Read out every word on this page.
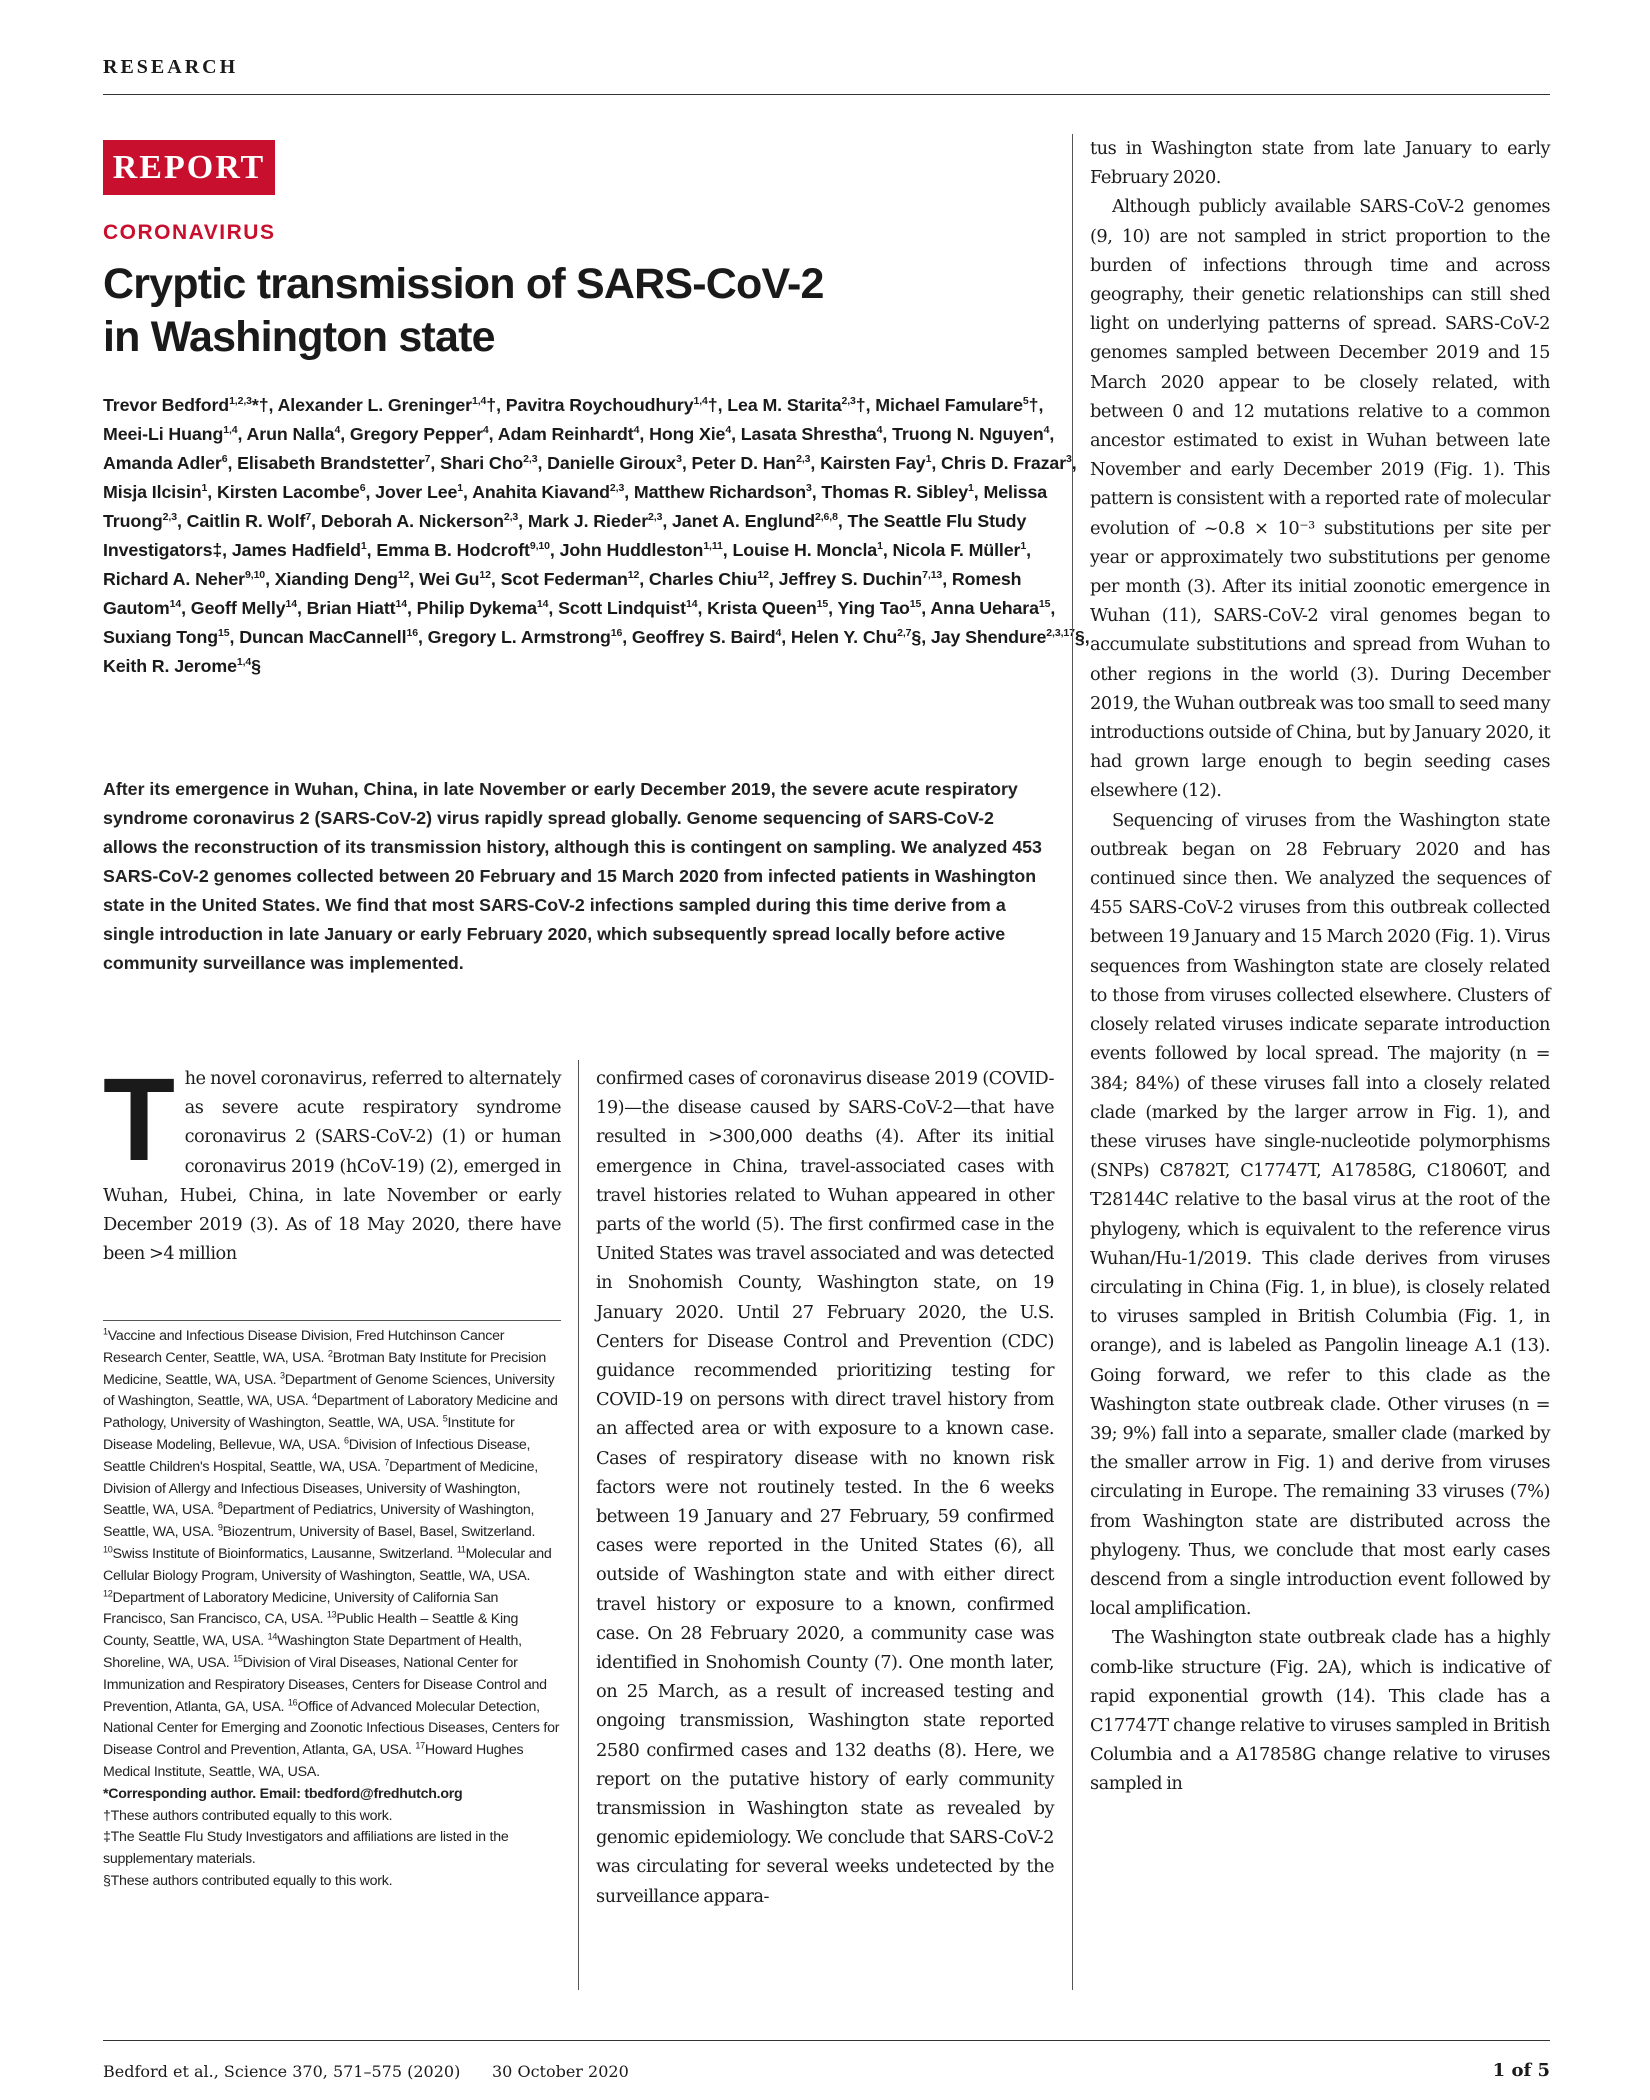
RESEARCH
REPORT
CORONAVIRUS
Cryptic transmission of SARS-CoV-2 in Washington state
Trevor Bedford$^{1,2,3}$*†, Alexander L. Greninger$^{1,4}$†, Pavitra Roychoudhury$^{1,4}$†, Lea M. Starita$^{2,3}$†, Michael Famulare$^5$†, Meei-Li Huang$^{1,4}$, Arun Nalla$^4$, Gregory Pepper$^4$, Adam Reinhardt$^4$, Hong Xie$^4$, Lasata Shrestha$^4$, Truong N. Nguyen$^4$, Amanda Adler$^6$, Elisabeth Brandstetter$^7$, Shari Cho$^{2,3}$, Danielle Giroux$^3$, Peter D. Han$^{2,3}$, Kairsten Fay$^1$, Chris D. Frazar$^3$, Misja Ilcisin$^1$, Kirsten Lacombe$^6$, Jover Lee$^1$, Anahita Kiavand$^{2,3}$, Matthew Richardson$^3$, Thomas R. Sibley$^1$, Melissa Truong$^{2,3}$, Caitlin R. Wolf$^7$, Deborah A. Nickerson$^{2,3}$, Mark J. Rieder$^{2,3}$, Janet A. Englund$^{2,6,8}$, The Seattle Flu Study Investigators‡, James Hadfield$^1$, Emma B. Hodcroft$^{9,10}$, John Huddleston$^{1,11}$, Louise H. Moncla$^1$, Nicola F. Müller$^1$, Richard A. Neher$^{9,10}$, Xianding Deng$^{12}$, Wei Gu$^{12}$, Scot Federman$^{12}$, Charles Chiu$^{12}$, Jeffrey S. Duchin$^{7,13}$, Romesh Gautom$^{14}$, Geoff Melly$^{14}$, Brian Hiatt$^{14}$, Philip Dykema$^{14}$, Scott Lindquist$^{14}$, Krista Queen$^{15}$, Ying Tao$^{15}$, Anna Uehara$^{15}$, Suxiang Tong$^{15}$, Duncan MacCannell$^{16}$, Gregory L. Armstrong$^{16}$, Geoffrey S. Baird$^4$, Helen Y. Chu$^{2,7}$§, Jay Shendure$^{2,3,17}$§, Keith R. Jerome$^{1,4}$§
After its emergence in Wuhan, China, in late November or early December 2019, the severe acute respiratory syndrome coronavirus 2 (SARS-CoV-2) virus rapidly spread globally. Genome sequencing of SARS-CoV-2 allows the reconstruction of its transmission history, although this is contingent on sampling. We analyzed 453 SARS-CoV-2 genomes collected between 20 February and 15 March 2020 from infected patients in Washington state in the United States. We find that most SARS-CoV-2 infections sampled during this time derive from a single introduction in late January or early February 2020, which subsequently spread locally before active community surveillance was implemented.

The novel coronavirus, referred to alternately as severe acute respiratory syndrome coronavirus 2 (SARS-CoV-2) (1) or human coronavirus 2019 (hCoV-19) (2), emerged in Wuhan, Hubei, China, in late November or early December 2019 (3). As of 18 May 2020, there have been >4 million

$^1$Vaccine and Infectious Disease Division, Fred Hutchinson Cancer Research Center, Seattle, WA, USA. $^2$Brotman Baty Institute for Precision Medicine, Seattle, WA, USA. $^3$Department of Genome Sciences, University of Washington, Seattle, WA, USA. $^4$Department of Laboratory Medicine and Pathology, University of Washington, Seattle, WA, USA. $^5$Institute for Disease Modeling, Bellevue, WA, USA. $^6$Division of Infectious Disease, Seattle Children's Hospital, Seattle, WA, USA. $^7$Department of Medicine, Division of Allergy and Infectious Diseases, University of Washington, Seattle, WA, USA. $^8$Department of Pediatrics, University of Washington, Seattle, WA, USA. $^9$Biozentrum, University of Basel, Basel, Switzerland. $^{10}$Swiss Institute of Bioinformatics, Lausanne, Switzerland. $^{11}$Molecular and Cellular Biology Program, University of Washington, Seattle, WA, USA. $^{12}$Department of Laboratory Medicine, University of California San Francisco, San Francisco, CA, USA. $^{13}$Public Health – Seattle & King County, Seattle, WA, USA. $^{14}$Washington State Department of Health, Shoreline, WA, USA. $^{15}$Division of Viral Diseases, National Center for Immunization and Respiratory Diseases, Centers for Disease Control and Prevention, Atlanta, GA, USA. $^{16}$Office of Advanced Molecular Detection, National Center for Emerging and Zoonotic Infectious Diseases, Centers for Disease Control and Prevention, Atlanta, GA, USA. $^{17}$Howard Hughes Medical Institute, Seattle, WA, USA.

*Corresponding author. Email: tbedford@fredhutch.org

†These authors contributed equally to this work.

‡The Seattle Flu Study Investigators and affiliations are listed in the supplementary materials.

§These authors contributed equally to this work.

confirmed cases of coronavirus disease 2019 (COVID-19)—the disease caused by SARS-CoV-2—that have resulted in >300,000 deaths (4). After its initial emergence in China, travel-associated cases with travel histories related to Wuhan appeared in other parts of the world (5). The first confirmed case in the United States was travel associated and was detected in Snohomish County, Washington state, on 19 January 2020. Until 27 February 2020, the U.S. Centers for Disease Control and Prevention (CDC) guidance recommended prioritizing testing for COVID-19 on persons with direct travel history from an affected area or with exposure to a known case. Cases of respiratory disease with no known risk factors were not routinely tested. In the 6 weeks between 19 January and 27 February, 59 confirmed cases were reported in the United States (6), all outside of Washington state and with either direct travel history or exposure to a known, confirmed case. On 28 February 2020, a community case was identified in Snohomish County (7). One month later, on 25 March, as a result of increased testing and ongoing transmission, Washington state reported 2580 confirmed cases and 132 deaths (8). Here, we report on the putative history of early community transmission in Washington state as revealed by genomic epidemiology. We conclude that SARS-CoV-2 was circulating for several weeks undetected by the surveillance appara-

tus in Washington state from late January to early February 2020.

Although publicly available SARS-CoV-2 genomes (9, 10) are not sampled in strict proportion to the burden of infections through time and across geography, their genetic relationships can still shed light on underlying patterns of spread. SARS-CoV-2 genomes sampled between December 2019 and 15 March 2020 appear to be closely related, with between 0 and 12 mutations relative to a common ancestor estimated to exist in Wuhan between late November and early December 2019 (Fig. 1). This pattern is consistent with a reported rate of molecular evolution of ~0.8 × 10⁻³ substitutions per site per year or approximately two substitutions per genome per month (3). After its initial zoonotic emergence in Wuhan (11), SARS-CoV-2 viral genomes began to accumulate substitutions and spread from Wuhan to other regions in the world (3). During December 2019, the Wuhan outbreak was too small to seed many introductions outside of China, but by January 2020, it had grown large enough to begin seeding cases elsewhere (12).

Sequencing of viruses from the Washington state outbreak began on 28 February 2020 and has continued since then. We analyzed the sequences of 455 SARS-CoV-2 viruses from this outbreak collected between 19 January and 15 March 2020 (Fig. 1). Virus sequences from Washington state are closely related to those from viruses collected elsewhere. Clusters of closely related viruses indicate separate introduction events followed by local spread. The majority (n = 384; 84%) of these viruses fall into a closely related clade (marked by the larger arrow in Fig. 1), and these viruses have single-nucleotide polymorphisms (SNPs) C8782T, C17747T, A17858G, C18060T, and T28144C relative to the basal virus at the root of the phylogeny, which is equivalent to the reference virus Wuhan/Hu-1/2019. This clade derives from viruses circulating in China (Fig. 1, in blue), is closely related to viruses sampled in British Columbia (Fig. 1, in orange), and is labeled as Pangolin lineage A.1 (13). Going forward, we refer to this clade as the Washington state outbreak clade. Other viruses (n = 39; 9%) fall into a separate, smaller clade (marked by the smaller arrow in Fig. 1) and derive from viruses circulating in Europe. The remaining 33 viruses (7%) from Washington state are distributed across the phylogeny. Thus, we conclude that most early cases descend from a single introduction event followed by local amplification.

The Washington state outbreak clade has a highly comb-like structure (Fig. 2A), which is indicative of rapid exponential growth (14). This clade has a C17747T change relative to viruses sampled in British Columbia and a A17858G change relative to viruses sampled in

Bedford et al., Science 370, 571–575 (2020) 30 October 2020	1 of 5
